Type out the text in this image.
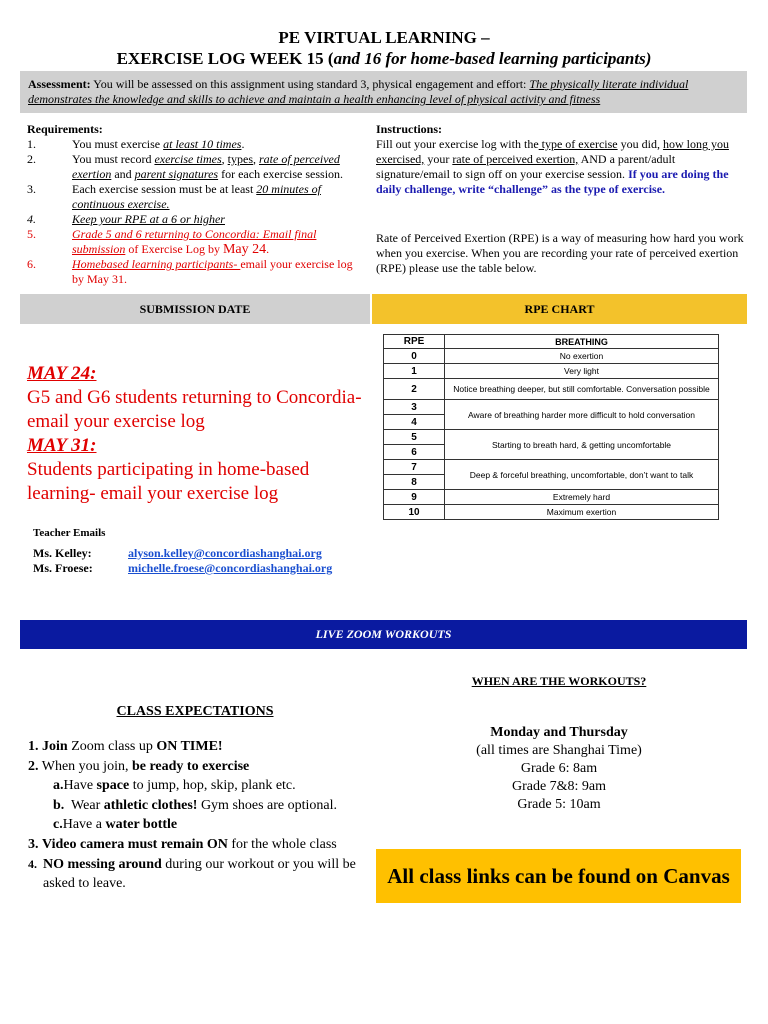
PE VIRTUAL LEARNING –
EXERCISE LOG WEEK 15 (and 16 for home-based learning participants)
Assessment: You will be assessed on this assignment using standard 3, physical engagement and effort: The physically literate individual demonstrates the knowledge and skills to achieve and maintain a health enhancing level of physical activity and fitness
Requirements:
1.	You must exercise at least 10 times.
2.	You must record exercise times, types, rate of perceived exertion and parent signatures for each exercise session.
3.	Each exercise session must be at least 20 minutes of continuous exercise.
4.	Keep your RPE at a 6 or higher
5.	Grade 5 and 6 returning to Concordia: Email final submission of Exercise Log by May 24.
6.	Homebased learning participants- email your exercise log by May 31.
Instructions:
Fill out your exercise log with the type of exercise you did, how long you exercised, your rate of perceived exertion, AND a parent/adult signature/email to sign off on your exercise session. If you are doing the daily challenge, write “challenge” as the type of exercise.
Rate of Perceived Exertion (RPE) is a way of measuring how hard you work when you exercise. When you are recording your rate of perceived exertion (RPE) please use the table below.
SUBMISSION DATE	RPE CHART
MAY 24:
G5 and G6 students returning to Concordia- email your exercise log
MAY 31:
Students participating in home-based learning- email your exercise log
Teacher Emails
Ms. Kelley:	alyson.kelley@concordiashanghai.org
Ms. Froese:	michelle.froese@concordiashanghai.org
RPE	BREATHING
0	No exertion
1	Very light
2	Notice breathing deeper, but still comfortable. Conversation possible
3	Aware of breathing harder more difficult to hold conversation
4	
5	Starting to breath hard, & getting uncomfortable
6	
7	Deep & forceful breathing, uncomfortable, don’t want to talk
8	
9	Extremely hard
10	Maximum exertion
LIVE ZOOM WORKOUTS
WHEN ARE THE WORKOUTS?
CLASS EXPECTATIONS
1. Join Zoom class up ON TIME!
2. When you join, be ready to exercise
a.Have space to jump, hop, skip, plank etc.
b. Wear athletic clothes! Gym shoes are optional.
c.Have a water bottle
3. Video camera must remain ON for the whole class
4. NO messing around during our workout or you will be asked to leave.
Monday and Thursday
(all times are Shanghai Time)
Grade 6: 8am
Grade 7&8: 9am
Grade 5: 10am
All class links can be found on Canvas
